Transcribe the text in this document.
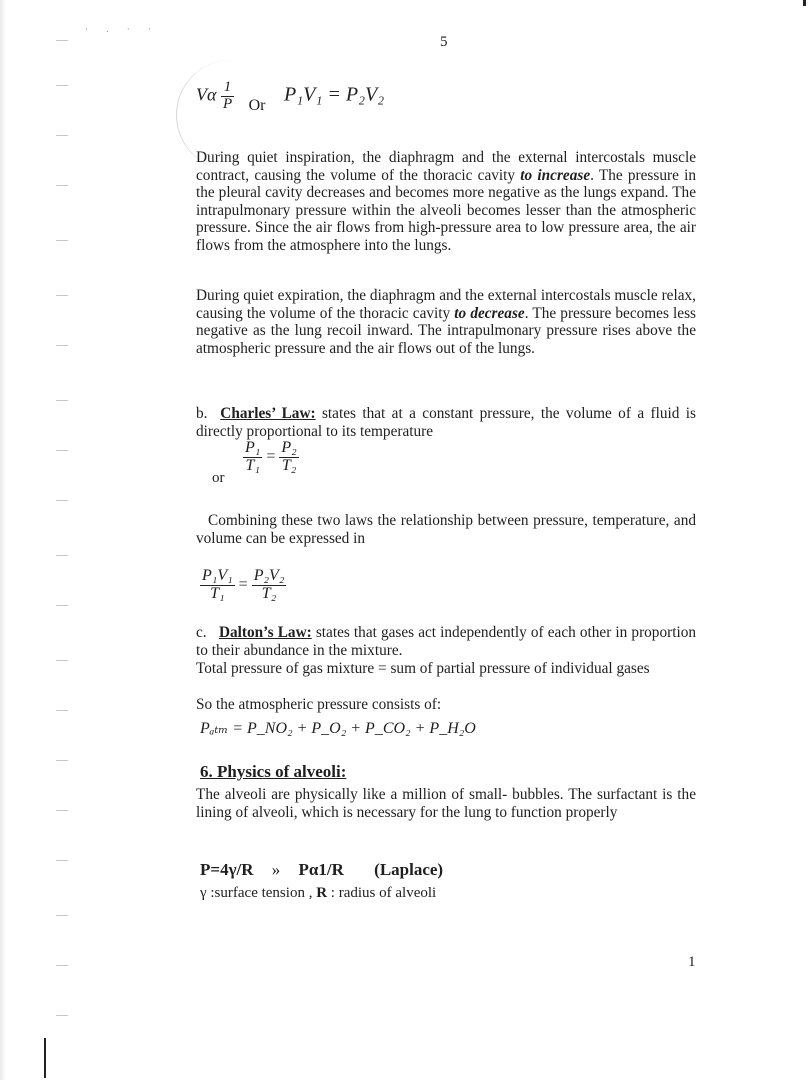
· . · ·
5
Vα $\frac{1}{P}$ Or P₁V₁ = P₂V₂
During quiet inspiration, the diaphragm and the external intercostals muscle contract, causing the volume of the thoracic cavity to increase. The pressure in the pleural cavity decreases and becomes more negative as the lungs expand. The intrapulmonary pressure within the alveoli becomes lesser than the atmospheric pressure. Since the air flows from high-pressure area to low pressure area, the air flows from the atmosphere into the lungs.
During quiet expiration, the diaphragm and the external intercostals muscle relax, causing the volume of the thoracic cavity to decrease. The pressure becomes less negative as the lung recoil inward. The intrapulmonary pressure rises above the atmospheric pressure and the air flows out of the lungs.
b. Charles’ Law: states that at a constant pressure, the volume of a fluid is directly proportional to its temperature
or
$\frac{\text{P₁}}{\text{T₁}} = \frac{\text{P₂}}{\text{T₂}}$
Combining these two laws the relationship between pressure, temperature, and volume can be expressed in
$\frac{\text{P₁V₁}}{\text{T₁}} = \frac{\text{P₂V₂}}{\text{T₂}}$
c. Dalton’s Law: states that gases act independently of each other in proportion to their abundance in the mixture.
Total pressure of gas mixture = sum of partial pressure of individual gases
So the atmospheric pressure consists of:
Pₐₜₘ = P_NO₂ + P_O₂ + P_CO₂ + P_H₂O
6. Physics of alveoli:
The alveoli are physically like a million of small- bubbles. The surfactant is the lining of alveoli, which is necessary for the lung to function properly
P=4γ/R » Pα1/R (Laplace)
γ :surface tension , R : radius of alveoli
1
